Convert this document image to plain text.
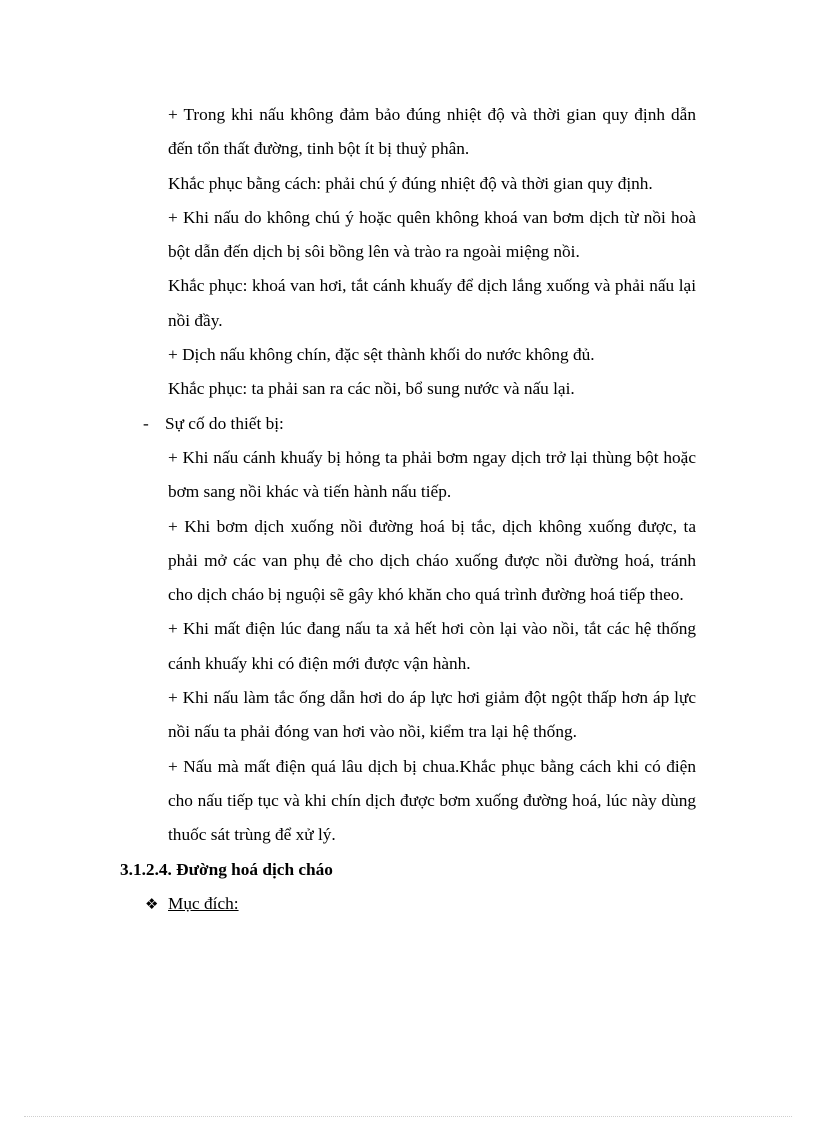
+ Trong khi nấu không đảm bảo đúng nhiệt độ và thời gian quy định dẫn đến tổn thất đường, tinh bột ít bị thuỷ phân.

Khắc phục bằng cách: phải chú ý đúng nhiệt độ và thời gian quy định.

+ Khi nấu do không chú ý hoặc quên không khoá van bơm dịch từ nồi hoà bột dẫn đến dịch bị sôi bồng lên và trào ra ngoài miệng nồi.

Khắc phục: khoá van hơi, tắt cánh khuấy để dịch lắng xuống và phải nấu lại nồi đầy.

+ Dịch nấu không chín, đặc sệt thành khối do nước không đủ.

Khắc phục: ta phải san ra các nồi, bổ sung nước và nấu lại.

- Sự cố do thiết bị:

+ Khi nấu cánh khuấy bị hỏng ta phải bơm ngay dịch trở lại thùng bột hoặc bơm sang nồi khác và tiến hành nấu tiếp.

+ Khi bơm dịch xuống nồi đường hoá bị tắc, dịch không xuống được, ta phải mở các van phụ đẻ cho dịch cháo xuống được nồi đường hoá, tránh cho dịch cháo bị nguội sẽ gây khó khăn cho quá trình đường hoá tiếp theo.

+ Khi mất điện lúc đang nấu ta xả hết hơi còn lại vào nồi, tắt các hệ thống cánh khuấy khi có điện mới được vận hành.

+ Khi nấu làm tắc ống dẫn hơi do áp lực hơi giảm đột ngột thấp hơn áp lực nồi nấu ta phải đóng van hơi vào nồi, kiểm tra lại hệ thống.

+ Nấu mà mất điện quá lâu dịch bị chua.Khắc phục bằng cách khi có điện cho nấu tiếp tục và khi chín dịch được bơm xuống đường hoá, lúc này dùng thuốc sát trùng để xử lý.

3.1.2.4. Đường hoá dịch cháo

❖ Mục đích:
